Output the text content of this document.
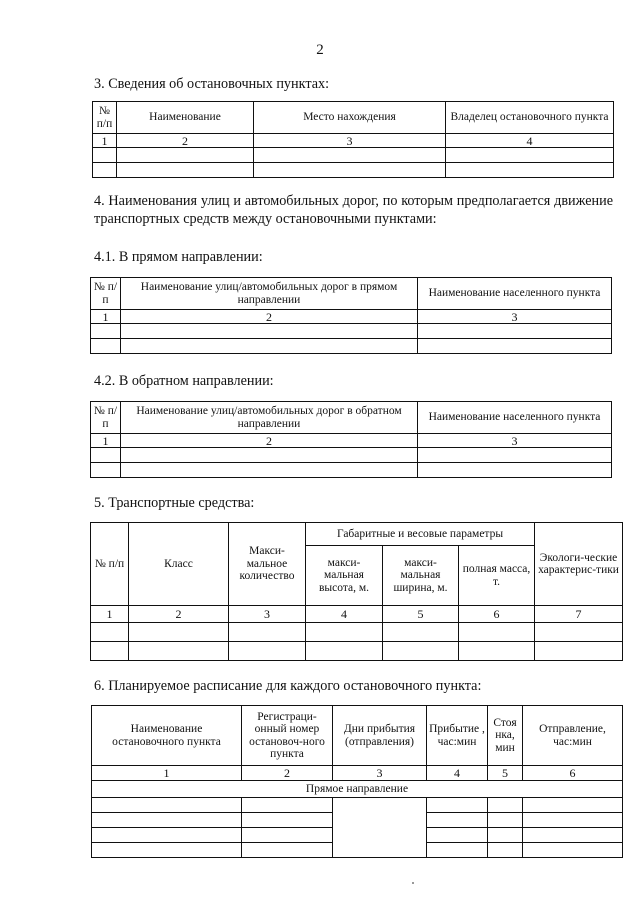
2
3. Сведения об остановочных пунктах:
№ п/п	Наименование	Место нахождения	Владелец остановочного пункта
1	2	3	4

4. Наименования улиц и автомобильных дорог, по которым предполагается движение транспортных средств между остановочными пунктами:
4.1. В прямом направлении:
№ п/п	Наименование улиц/автомобильных дорог в прямом направлении	Наименование населенного пункта
1	2	3

4.2. В обратном направлении:
№ п/п	Наименование улиц/автомобильных дорог в обратном направлении	Наименование населенного пункта
1	2	3

5. Транспортные средства:
№ п/п	Класс	Макси-мальное количество	Габаритные и весовые параметры			Экологи-ческие характерис-тики
			макси-мальная высота, м.	макси-мальная ширина, м.	полная масса, т.	
1	2	3	4	5	6	7

6. Планируемое расписание для каждого остановочного пункта:
Наименование остановочного пункта	Регистраци-онный номер остановоч-ного пункта	Дни прибытия (отправления)	Прибытие , час:мин	Стоя нка, мин	Отправление, час:мин
1	2	3	4	5	6
Прямое направление					
